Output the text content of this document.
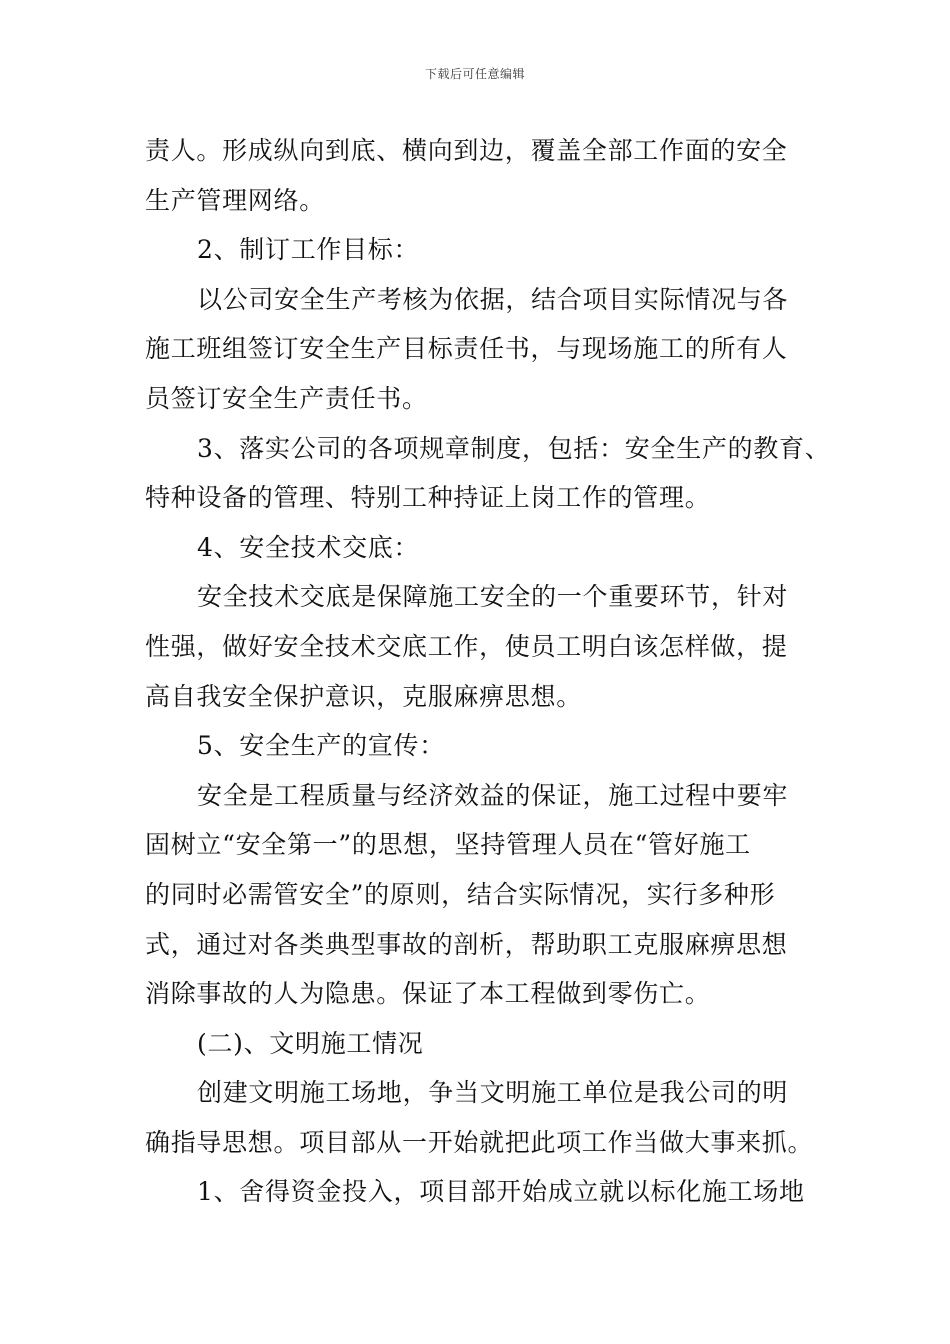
下载后可任意编辑
责人。形成纵向到底、横向到边，覆盖全部工作面的安全
生产管理网络。
2、制订工作目标：
以公司安全生产考核为依据，结合项目实际情况与各
施工班组签订安全生产目标责任书，与现场施工的所有人
员签订安全生产责任书。
3、落实公司的各项规章制度，包括：安全生产的教育、
特种设备的管理、特别工种持证上岗工作的管理。
4、安全技术交底：
安全技术交底是保障施工安全的一个重要环节，针对
性强，做好安全技术交底工作，使员工明白该怎样做，提
高自我安全保护意识，克服麻痹思想。
5、安全生产的宣传：
安全是工程质量与经济效益的保证，施工过程中要牢
固树立“安全第一”的思想，坚持管理人员在“管好施工
的同时必需管安全”的原则，结合实际情况，实行多种形
式，通过对各类典型事故的剖析，帮助职工克服麻痹思想
消除事故的人为隐患。保证了本工程做到零伤亡。
(二)、文明施工情况
创建文明施工场地，争当文明施工单位是我公司的明
确指导思想。项目部从一开始就把此项工作当做大事来抓。
1、舍得资金投入，项目部开始成立就以标化施工场地
